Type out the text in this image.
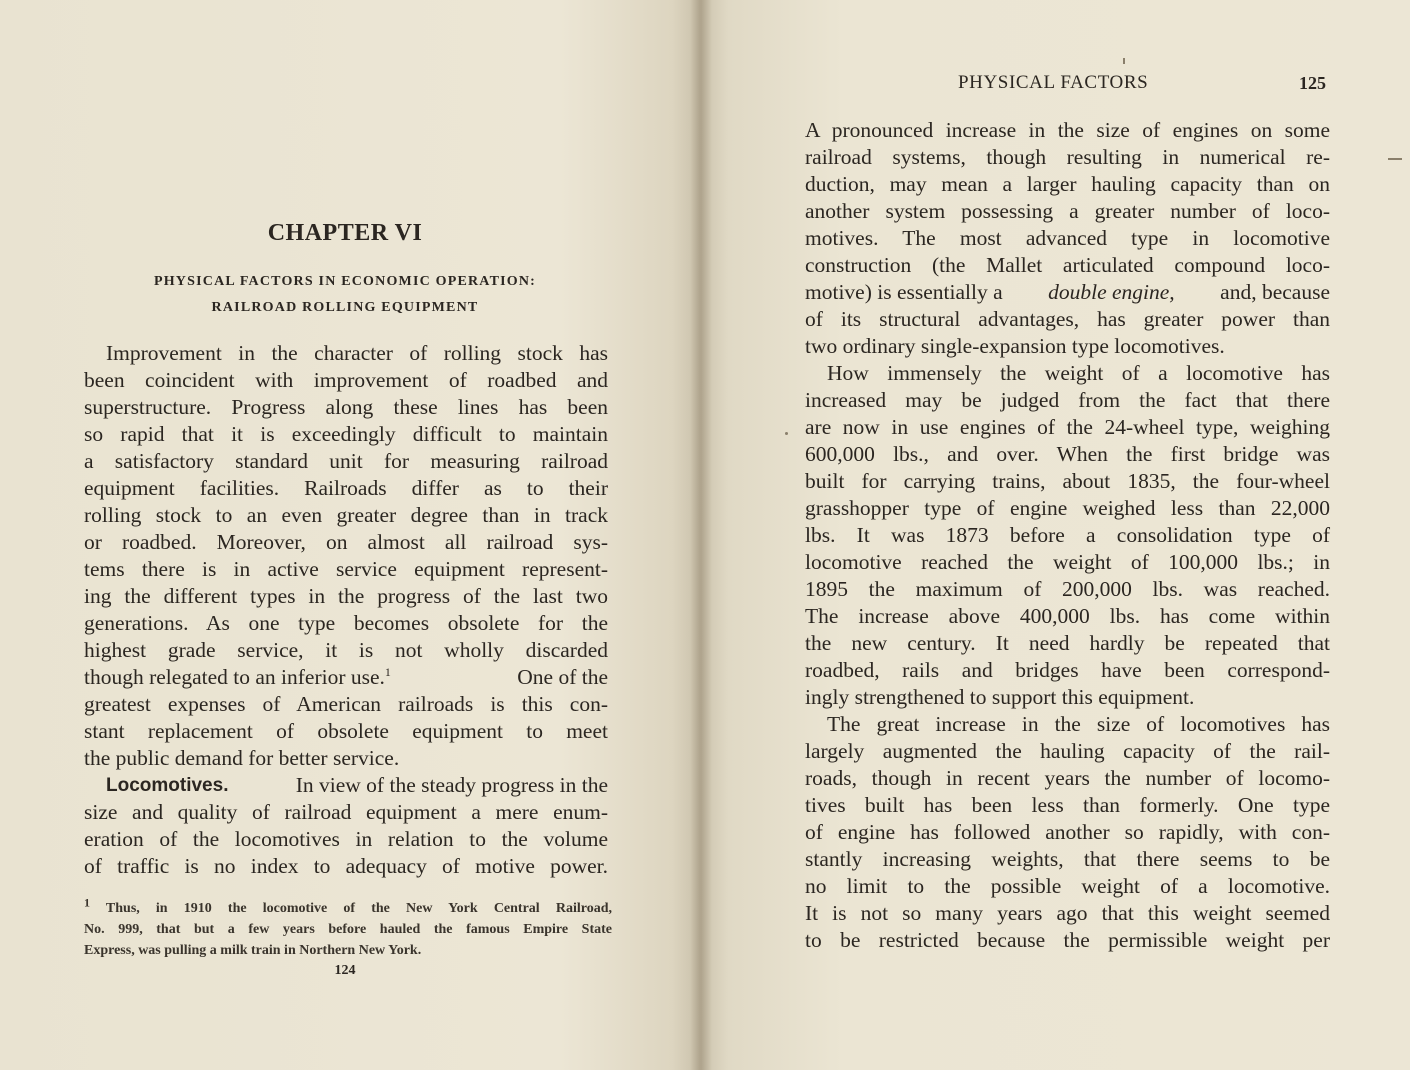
CHAPTER VI
PHYSICAL FACTORS IN ECONOMIC OPERATION:
RAILROAD ROLLING EQUIPMENT
Improvement in the character of rolling stock has
been coincident with improvement of roadbed and
superstructure. Progress along these lines has been
so rapid that it is exceedingly difficult to maintain
a satisfactory standard unit for measuring railroad
equipment facilities. Railroads differ as to their
rolling stock to an even greater degree than in track
or roadbed. Moreover, on almost all railroad sys-
tems there is in active service equipment represent-
ing the different types in the progress of the last two
generations. As one type becomes obsolete for the
highest grade service, it is not wholly discarded
though relegated to an inferior use.$^1$	One of the
greatest expenses of American railroads is this con-
stant replacement of obsolete equipment to meet
the public demand for better service.
Locomotives.	In view of the steady progress in the
size and quality of railroad equipment a mere enum-
eration of the locomotives in relation to the volume
of traffic is no index to adequacy of motive power.
$^1$ Thus, in 1910 the locomotive of the New York Central Railroad,
No. 999, that but a few years before hauled the famous Empire State
Express, was pulling a milk train in Northern New York.
124
PHYSICAL FACTORS	125
A pronounced increase in the size of engines on some
railroad systems, though resulting in numerical re-
duction, may mean a larger hauling capacity than on
another system possessing a greater number of loco-
motives. The most advanced type in locomotive
construction (the Mallet articulated compound loco-
motive) is essentially a double engine, and, because
of its structural advantages, has greater power than
two ordinary single-expansion type locomotives.
How immensely the weight of a locomotive has
increased may be judged from the fact that there
are now in use engines of the 24-wheel type, weighing
600,000 lbs., and over. When the first bridge was
built for carrying trains, about 1835, the four-wheel
grasshopper type of engine weighed less than 22,000
lbs. It was 1873 before a consolidation type of
locomotive reached the weight of 100,000 lbs.; in
1895 the maximum of 200,000 lbs. was reached.
The increase above 400,000 lbs. has come within
the new century. It need hardly be repeated that
roadbed, rails and bridges have been correspond-
ingly strengthened to support this equipment.
The great increase in the size of locomotives has
largely augmented the hauling capacity of the rail-
roads, though in recent years the number of locomo-
tives built has been less than formerly. One type
of engine has followed another so rapidly, with con-
stantly increasing weights, that there seems to be
no limit to the possible weight of a locomotive.
It is not so many years ago that this weight seemed
to be restricted because the permissible weight per
